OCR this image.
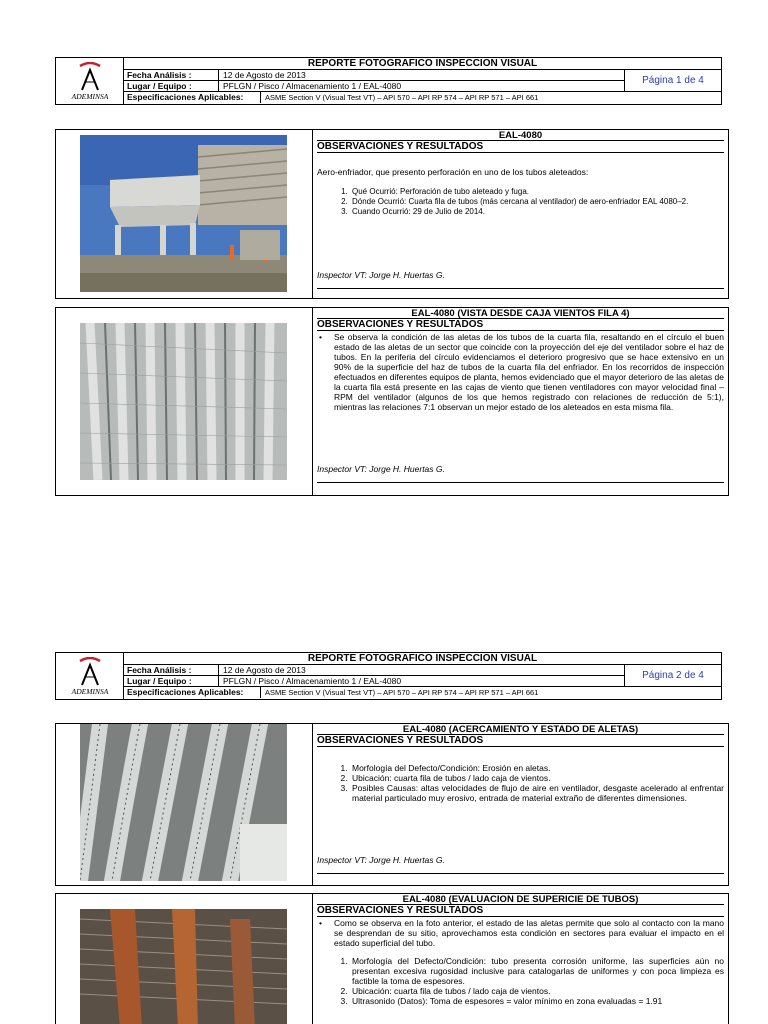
ADEMINSA
REPORTE FOTOGRAFICO INSPECCION VISUAL
Fecha Análisis :	12 de Agosto de 2013
Lugar / Equipo :	PFLGN / Pisco / Almacenamiento 1 / EAL-4080
Especificaciones Aplicables:	ASME Section V (Visual Test VT) – API 570 – API RP 574 – API RP 571 – API 661
Página 1 de 4
EAL-4080
OBSERVACIONES Y RESULTADOS

Aero-enfriador, que presento perforación en uno de los tubos aleteados:

1. Qué Ocurrió: Perforación de tubo aleteado y fuga.
2. Dónde Ocurrió: Cuarta fila de tubos (más cercana al ventilador) de aero-enfriador EAL 4080–2.
3. Cuando Ocurrió: 29 de Julio de 2014.
Inspector VT: Jorge H. Huertas G.
EAL-4080 (VISTA DESDE CAJA VIENTOS FILA 4)
OBSERVACIONES Y RESULTADOS

• Se observa la condición de las aletas de los tubos de la cuarta fila, resaltando en el círculo el buen estado de las aletas de un sector que coincide con la proyección del eje del ventilador sobre el haz de tubos. En la periferia del círculo evidenciamos el deterioro progresivo que se hace extensivo en un 90% de la superficie del haz de tubos de la cuarta fila del enfriador. En los recorridos de inspección efectuados en diferentes equipos de planta, hemos evidenciado que el mayor deterioro de las aletas de la cuarta fila está presente en las cajas de viento que tienen ventiladores con mayor velocidad final – RPM del ventilador (algunos de los que hemos registrado con relaciones de reducción de 5:1), mientras las relaciones 7:1 observan un mejor estado de los aleteados en esta misma fila.

Inspector VT: Jorge H. Huertas G.
ADEMINSA
REPORTE FOTOGRAFICO INSPECCION VISUAL
Fecha Análisis :	12 de Agosto de 2013
Lugar / Equipo :	PFLGN / Pisco / Almacenamiento 1 / EAL-4080
Especificaciones Aplicables:	ASME Section V (Visual Test VT) – API 570 – API RP 574 – API RP 571 – API 661
Página 2 de 4
EAL-4080 (ACERCAMIENTO Y ESTADO DE ALETAS)
OBSERVACIONES Y RESULTADOS
1. Morfología del Defecto/Condición: Erosión en aletas.
2. Ubicación: cuarta fila de tubos / lado caja de vientos.
3. Posibles Causas: altas velocidades de flujo de aire en ventilador, desgaste acelerado al enfrentar material particulado muy erosivo, entrada de material extraño de diferentes dimensiones.
Inspector VT: Jorge H. Huertas G.
EAL-4080 (EVALUACION DE SUPERICIE DE TUBOS)
OBSERVACIONES Y RESULTADOS

• Como se observa en la foto anterior, el estado de las aletas permite que solo al contacto con la mano se desprendan de su sitio, aprovechamos esta condición en sectores para evaluar el impacto en el estado superficial del tubo.

1. Morfología del Defecto/Condición: tubo presenta corrosión uniforme, las superficies aún no presentan excesiva rugosidad inclusive para catalogarlas de uniformes y con poca limpieza es factible la toma de espesores.
2. Ubicación: cuarta fila de tubos / lado caja de vientos.
3. Ultrasonido (Datos): Toma de espesores = valor mínimo en zona evaluadas = 1.91
